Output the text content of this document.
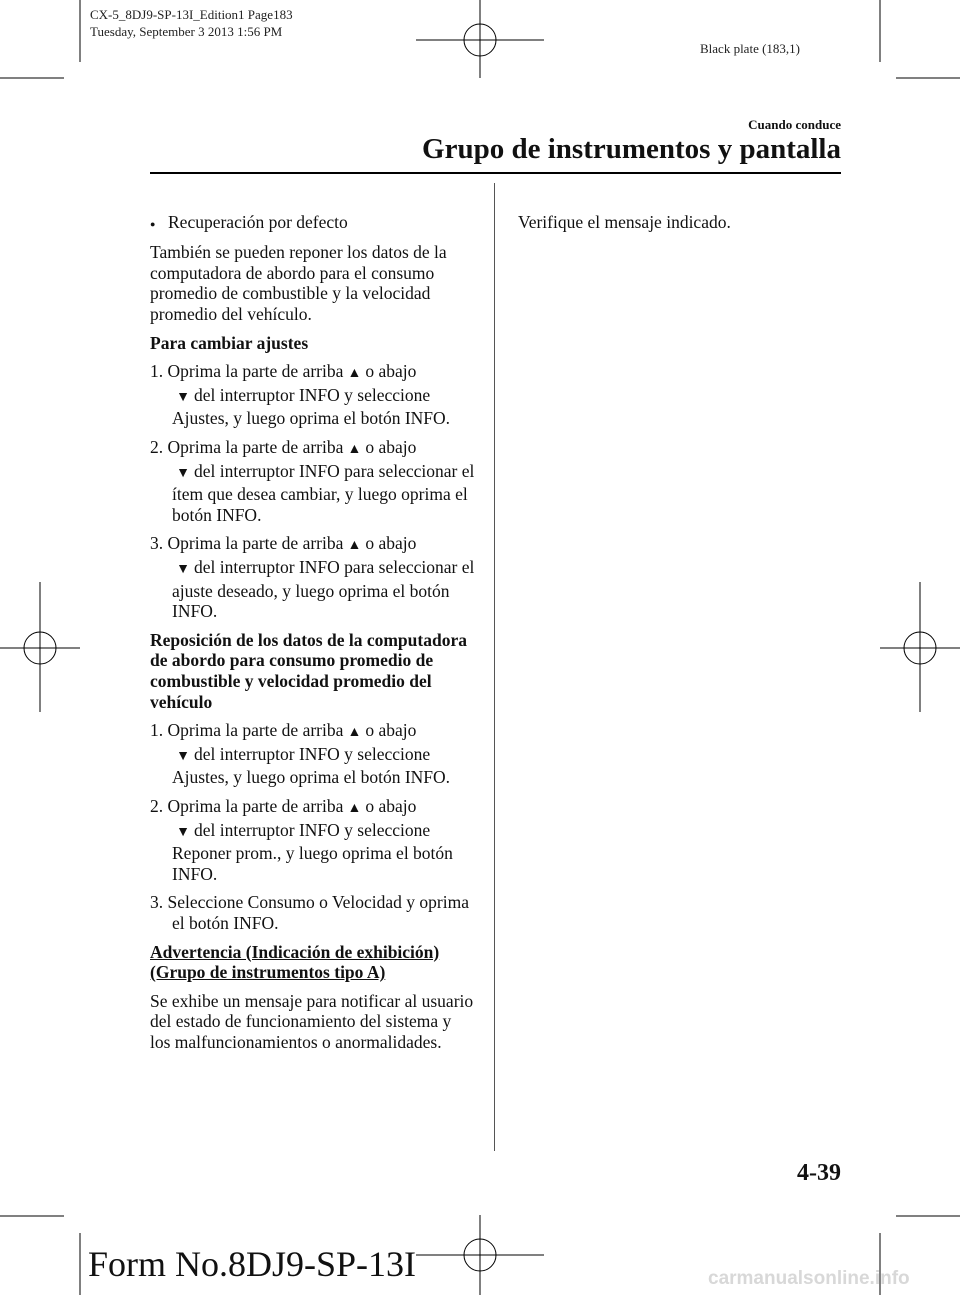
CX-5_8DJ9-SP-13I_Edition1 Page183
Tuesday, September 3 2013 1:56 PM
Black plate (183,1)
Cuando conduce
Grupo de instrumentos y pantalla

● Recuperación por defecto

También se pueden reponer los datos de la computadora de abordo para el consumo promedio de combustible y la velocidad promedio del vehículo.

Para cambiar ajustes

1. Oprima la parte de arriba ▲ o abajo
▼ del interruptor INFO y seleccione Ajustes, y luego oprima el botón INFO.
2. Oprima la parte de arriba ▲ o abajo
▼ del interruptor INFO para seleccionar el ítem que desea cambiar, y luego oprima el botón INFO.
3. Oprima la parte de arriba ▲ o abajo
▼ del interruptor INFO para seleccionar el ajuste deseado, y luego oprima el botón INFO.

Reposición de los datos de la computadora de abordo para consumo promedio de combustible y velocidad promedio del vehículo

1. Oprima la parte de arriba ▲ o abajo
▼ del interruptor INFO y seleccione Ajustes, y luego oprima el botón INFO.
2. Oprima la parte de arriba ▲ o abajo
▼ del interruptor INFO y seleccione Reponer prom., y luego oprima el botón INFO.
3. Seleccione Consumo o Velocidad y oprima el botón INFO.

Advertencia (Indicación de exhibición)
(Grupo de instrumentos tipo A)

Se exhibe un mensaje para notificar al usuario del estado de funcionamiento del sistema y los malfuncionamientos o anormalidades.

Verifique el mensaje indicado.

4-39
Form No.8DJ9-SP-13I	carmanualsonline.info
